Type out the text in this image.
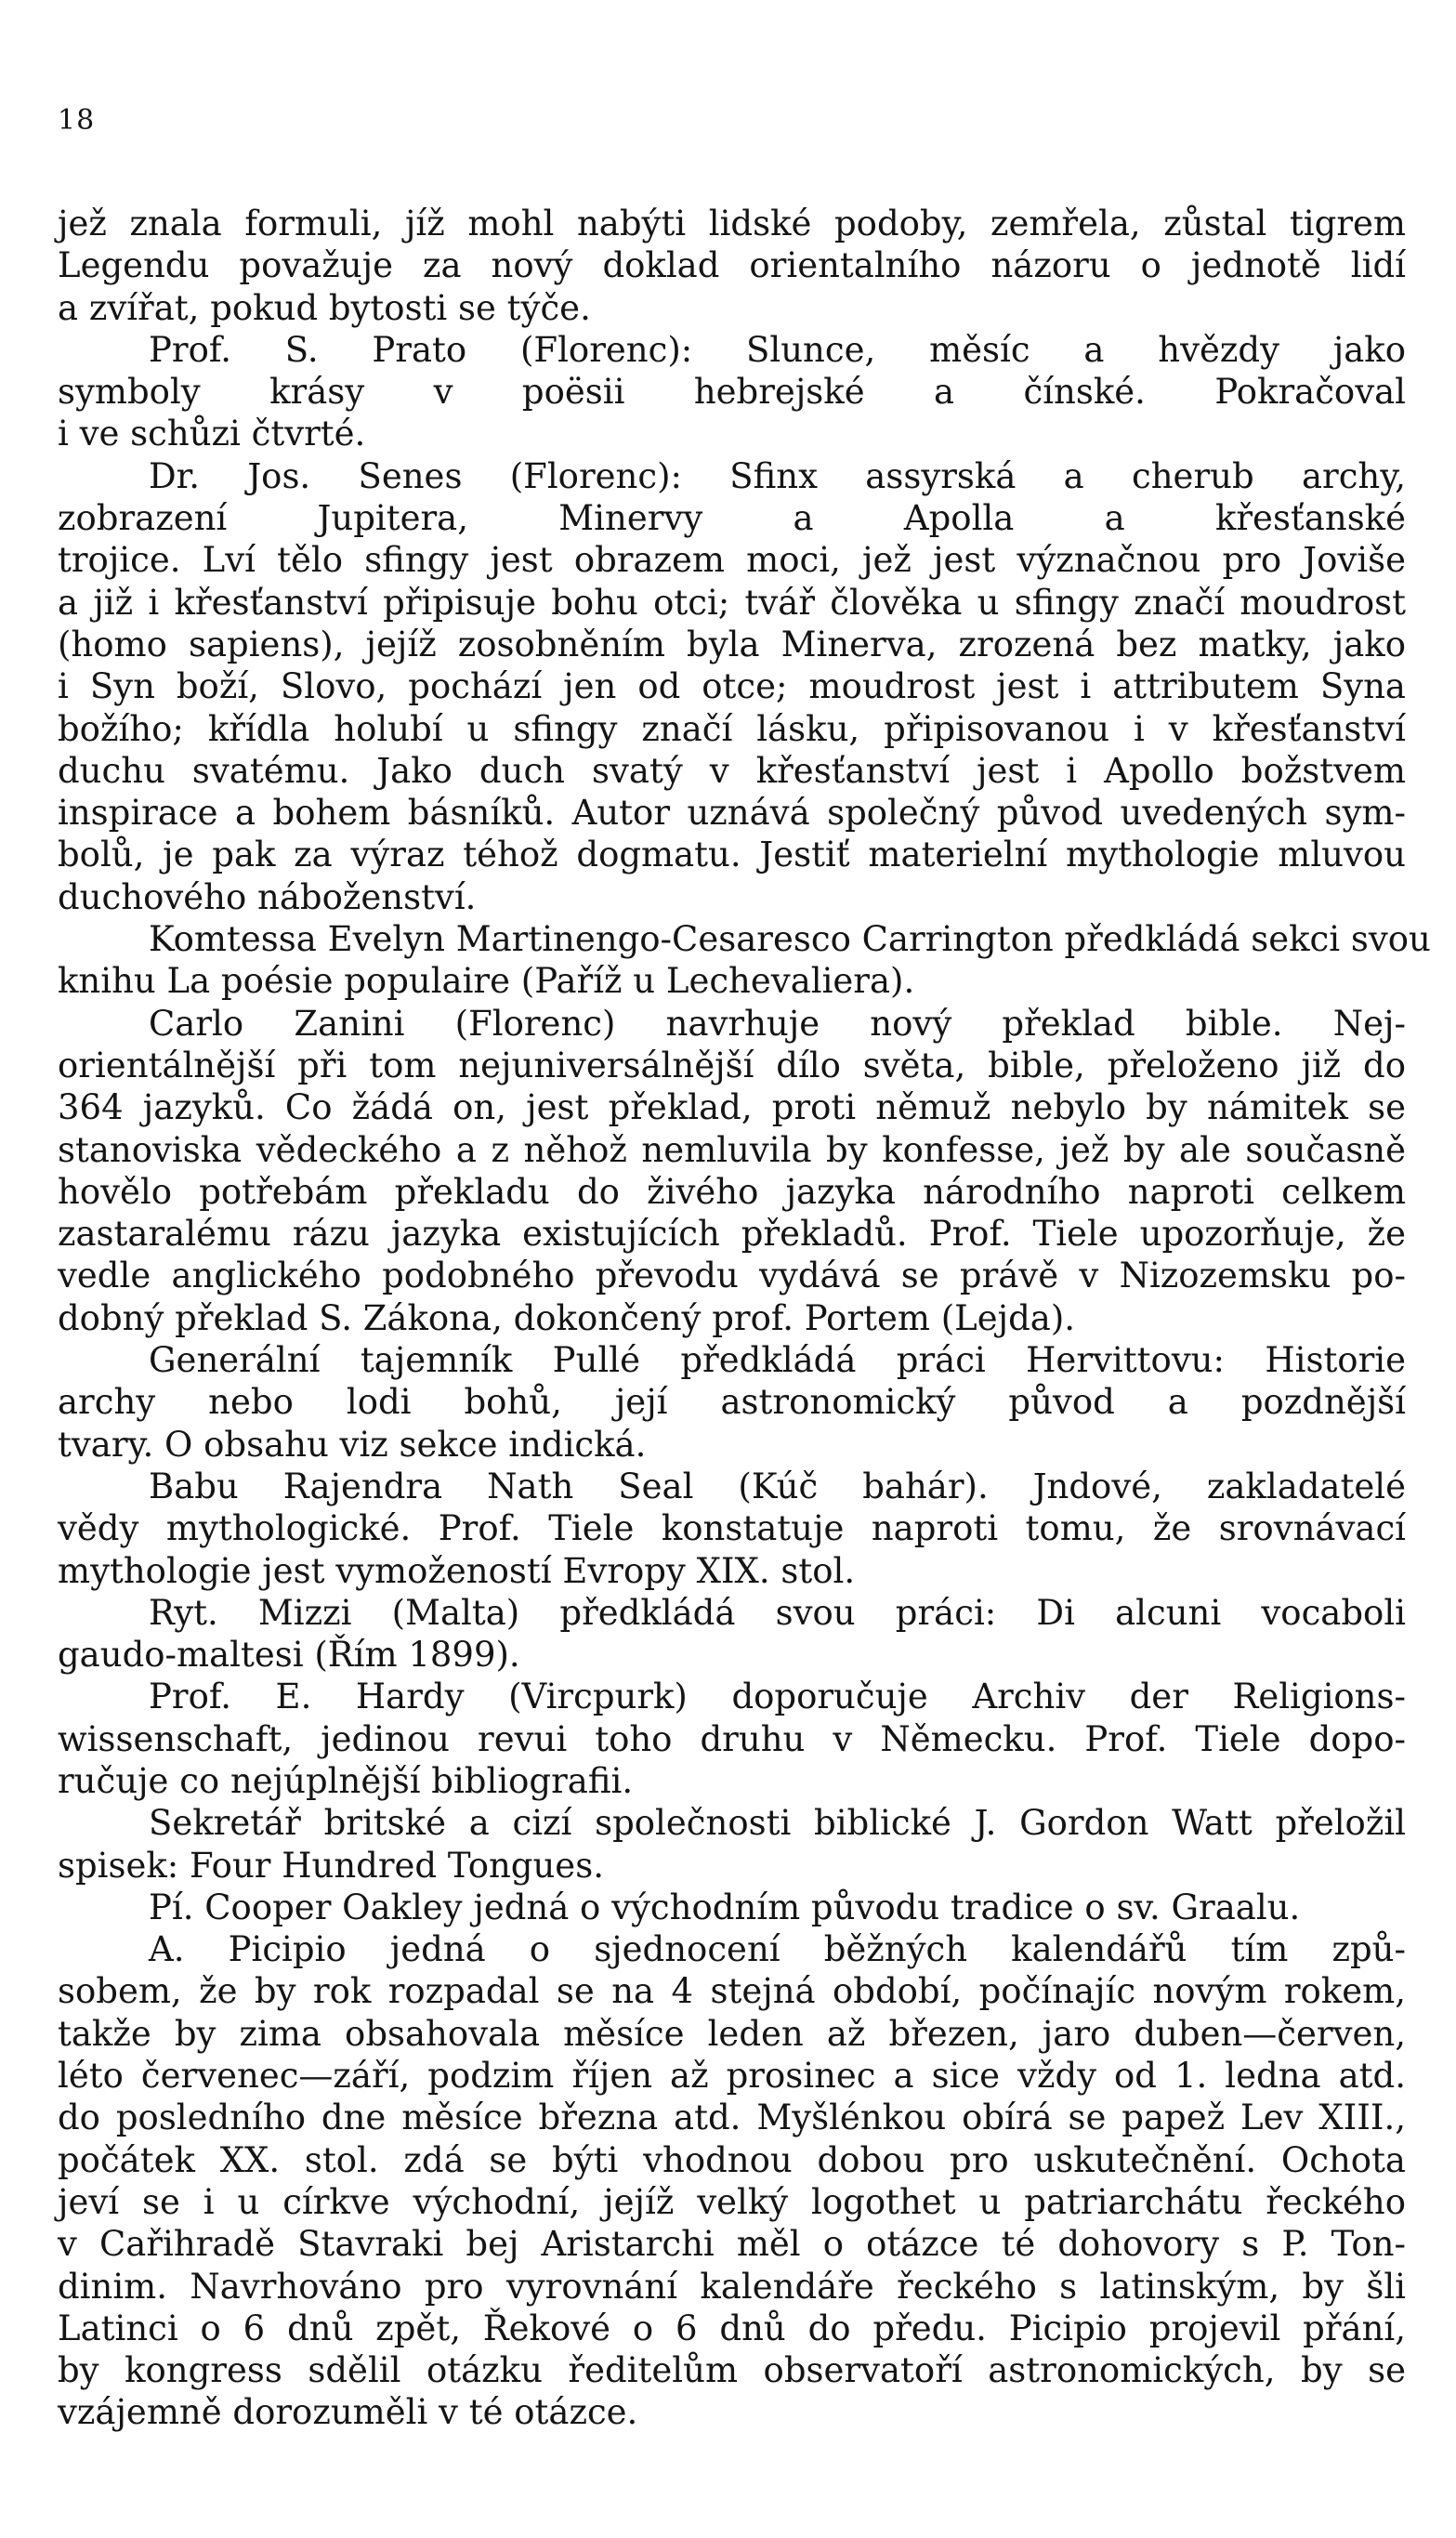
18
jež znala formuli, jíž mohl nabýti lidské podoby, zemřela, zůstal tigrem
Legendu považuje za nový doklad orientalního názoru o jednotě lidí
a zvířat, pokud bytosti se týče.
Prof. S. Prato (Florenc): Slunce, měsíc a hvězdy jako
symboly krásy v poësii hebrejské a čínské. Pokračoval
i ve schůzi čtvrté.
Dr. Jos. Senes (Florenc): Sfinx assyrská a cherub archy,
zobrazení Jupitera, Minervy a Apolla a křesťanské
trojice. Lví tělo sfingy jest obrazem moci, jež jest význačnou pro Joviše
a již i křesťanství připisuje bohu otci; tvář člověka u sfingy značí moudrost
(homo sapiens), jejíž zosobněním byla Minerva, zrozená bez matky, jako
i Syn boží, Slovo, pochází jen od otce; moudrost jest i attributem Syna
božího; křídla holubí u sfingy značí lásku, připisovanou i v křesťanství
duchu svatému. Jako duch svatý v křesťanství jest i Apollo božstvem
inspirace a bohem básníků. Autor uznává společný původ uvedených sym-
bolů, je pak za výraz téhož dogmatu. Jestiť materielní mythologie mluvou
duchového náboženství.
Komtessa Evelyn Martinengo-Cesaresco Carrington předkládá sekci svou
knihu La poésie populaire (Paříž u Lechevaliera).
Carlo Zanini (Florenc) navrhuje nový překlad bible. Nej-
orientálnější při tom nejuniversálnější dílo světa, bible, přeloženo již do
364 jazyků. Co žádá on, jest překlad, proti němuž nebylo by námitek se
stanoviska vědeckého a z něhož nemluvila by konfesse, jež by ale současně
hovělo potřebám překladu do živého jazyka národního naproti celkem
zastaralému rázu jazyka existujících překladů. Prof. Tiele upozorňuje, že
vedle anglického podobného převodu vydává se právě v Nizozemsku po-
dobný překlad S. Zákona, dokončený prof. Portem (Lejda).
Generální tajemník Pullé předkládá práci Hervittovu: Historie
archy nebo lodi bohů, její astronomický původ a pozdnější
tvary. O obsahu viz sekce indická.
Babu Rajendra Nath Seal (Kúč bahár). Jndové, zakladatelé
vědy mythologické. Prof. Tiele konstatuje naproti tomu, že srovnávací
mythologie jest vymožeností Evropy XIX. stol.
Ryt. Mizzi (Malta) předkládá svou práci: Di alcuni vocaboli
gaudo-maltesi (Řím 1899).
Prof. E. Hardy (Vircpurk) doporučuje Archiv der Religions-
wissenschaft, jedinou revui toho druhu v Německu. Prof. Tiele dopo-
ručuje co nejúplnější bibliografii.
Sekretář britské a cizí společnosti biblické J. Gordon Watt přeložil
spisek: Four Hundred Tongues.
Pí. Cooper Oakley jedná o východním původu tradice o sv. Graalu.
A. Picipio jedná o sjednocení běžných kalendářů tím způ-
sobem, že by rok rozpadal se na 4 stejná období, počínajíc novým rokem,
takže by zima obsahovala měsíce leden až březen, jaro duben—červen,
léto červenec—září, podzim říjen až prosinec a sice vždy od 1. ledna atd.
do posledního dne měsíce března atd. Myšlénkou obírá se papež Lev XIII.,
počátek XX. stol. zdá se býti vhodnou dobou pro uskutečnění. Ochota
jeví se i u církve východní, jejíž velký logothet u patriarchátu řeckého
v Cařihradě Stavraki bej Aristarchi měl o otázce té dohovory s P. Ton-
dinim. Navrhováno pro vyrovnání kalendáře řeckého s latinským, by šli
Latinci o 6 dnů zpět, Řekové o 6 dnů do předu. Picipio projevil přání,
by kongress sdělil otázku ředitelům observatoří astronomických, by se
vzájemně dorozuměli v té otázce.
